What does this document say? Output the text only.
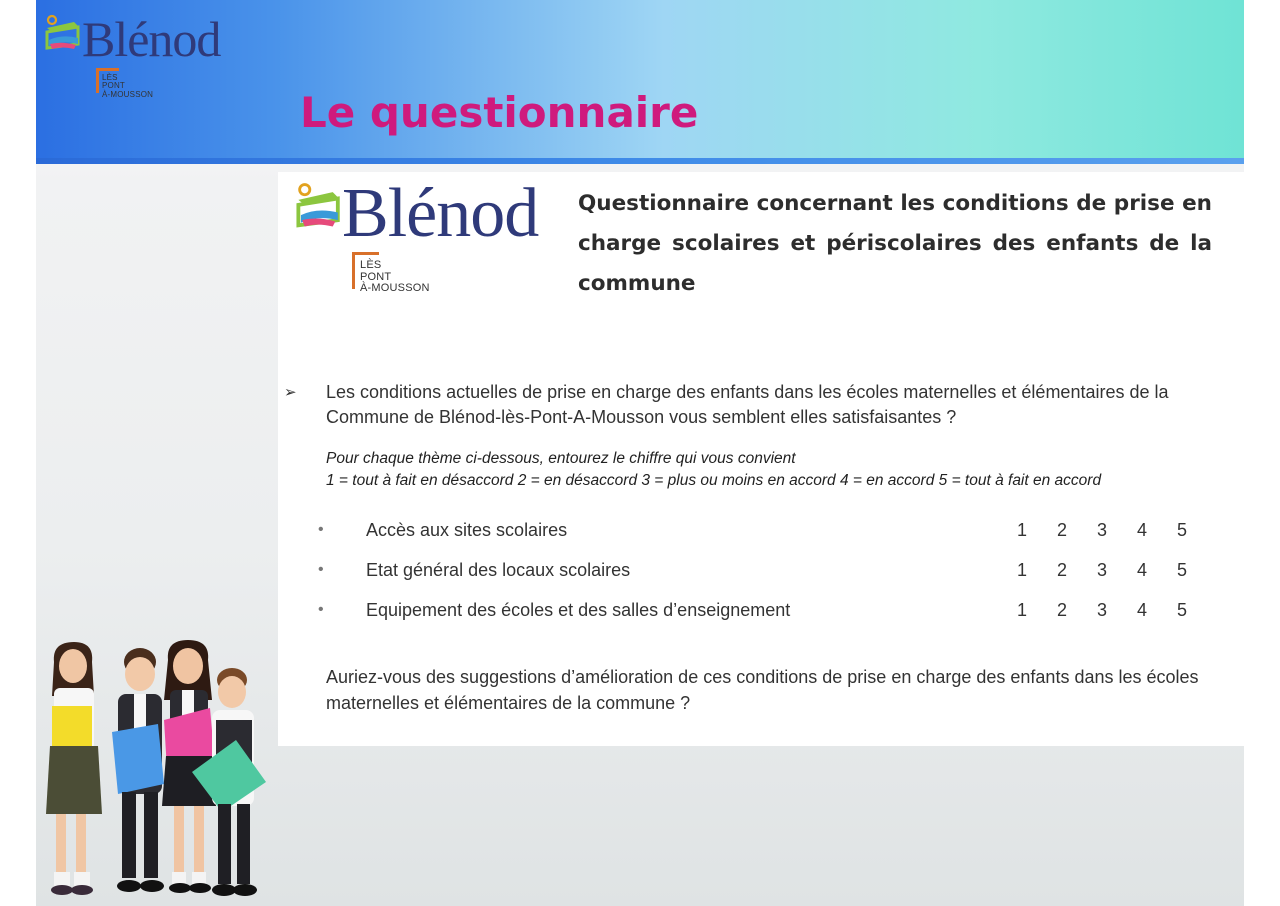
Blénod
LÈS
PONT
À-MOUSSON	Le questionnaire
Blénod
LÈS
PONT
À-MOUSSON
Questionnaire concernant les conditions de prise en charge scolaires et périscolaires des enfants de la commune
➢ Les conditions actuelles de prise en charge des enfants dans les écoles maternelles et élémentaires de la Commune de Blénod-lès-Pont-A-Mousson vous semblent elles satisfaisantes ?
Pour chaque thème ci-dessous, entourez le chiffre qui vous convient
1 = tout à fait en désaccord 2 = en désaccord 3 = plus ou moins en accord 4 = en accord 5 = tout à fait en accord
• Accès aux sites scolaires	1 2 3 4 5
• Etat général des locaux scolaires	1 2 3 4 5
• Equipement des écoles et des salles d’enseignement	1 2 3 4 5
Auriez-vous des suggestions d’amélioration de ces conditions de prise en charge des enfants dans les écoles maternelles et élémentaires de la commune ?
